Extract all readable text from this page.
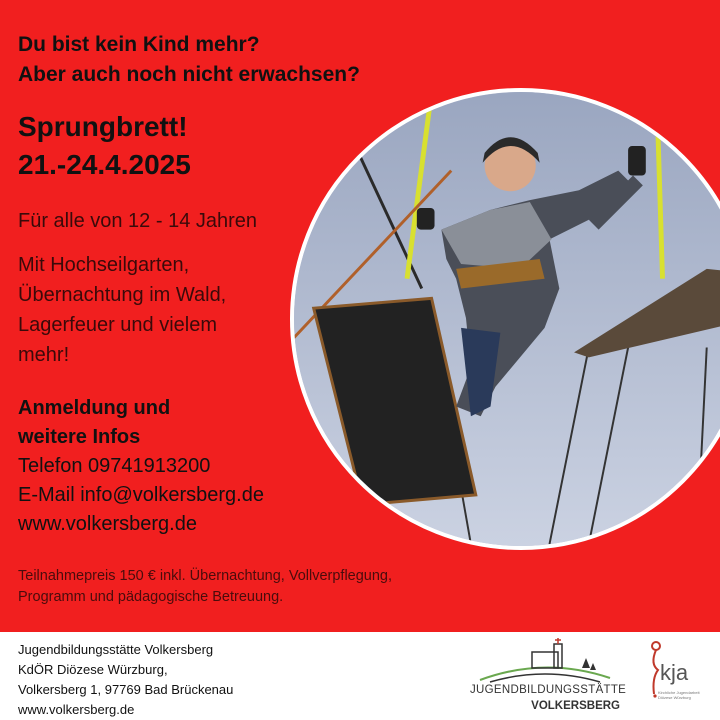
Du bist kein Kind mehr?
Aber auch noch nicht erwachsen?
Sprungbrett!
21.-24.4.2025
Für alle von 12 - 14 Jahren
Mit Hochseilgarten,
Übernachtung im Wald,
Lagerfeuer und vielem
mehr!
Anmeldung und
weitere Infos
Telefon 09741913200
E-Mail info@volkersberg.de
www.volkersberg.de
Teilnahmepreis 150 € inkl. Übernachtung, Vollverpflegung,
Programm und pädagogische Betreuung.
Jugendbildungsstätte Volkersberg
KdÖR Diözese Würzburg,
Volkersberg 1, 97769 Bad Brückenau
www.volkersberg.de
JUGENDBILDUNGSSTÄTTE
VOLKERSBERG
kja
Kirchliche Jugendarbeit Diözese Würzburg
